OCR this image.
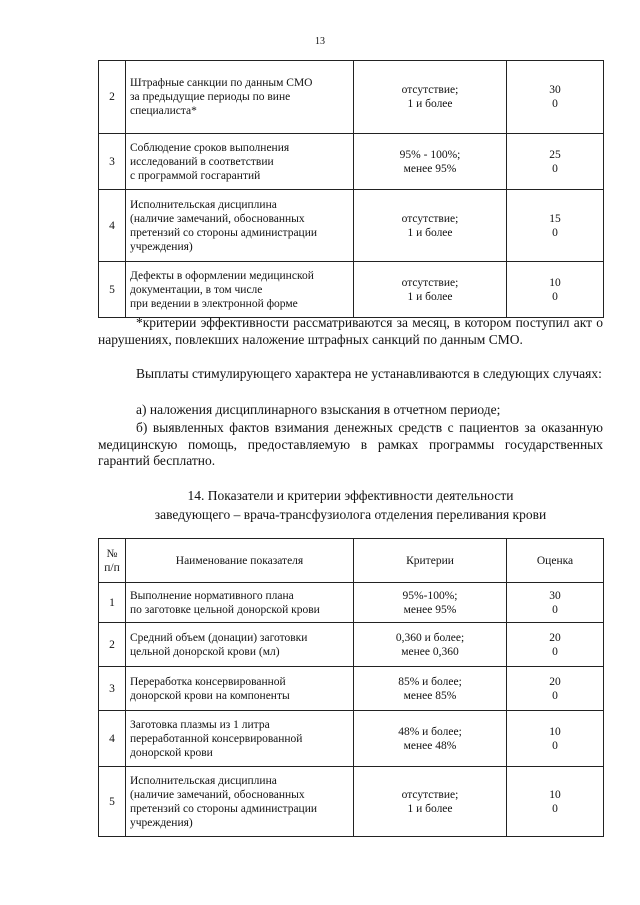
13
2	Штрафные санкции по данным СМО
за предыдущие периоды по вине
специалиста*	отсутствие;
1 и более	30
0

3	Соблюдение сроков выполнения
исследований в соответствии
с программой госгарантий	95% - 100%;
менее 95%	25
0

4	Исполнительская дисциплина
(наличие замечаний, обоснованных
претензий со стороны администрации
учреждения)	отсутствие;
1 и более	15
0

5	Дефекты в оформлении медицинской
документации, в том числе
при ведении в электронной форме	отсутствие;
1 и более	10
0

*критерии эффективности рассматриваются за месяц, в котором поступил акт о нарушениях, повлекших наложение штрафных санкций по данным СМО.

Выплаты стимулирующего характера не устанавливаются в следующих случаях:

а) наложения дисциплинарного взыскания в отчетном периоде;

б) выявленных фактов взимания денежных средств с пациентов за оказанную медицинскую помощь, предоставляемую в рамках программы государственных гарантий бесплатно.

14. Показатели и критерии эффективности деятельности
заведующего – врача-трансфузиолога отделения переливания крови
№
п/п	Наименование показателя	Критерии	Оценка
1	Выполнение нормативного плана
по заготовке цельной донорской крови	95%-100%;
менее 95%	30
0

2	Средний объем (донации) заготовки
цельной донорской крови (мл)	0,360 и более;
менее 0,360	20
0

3	Переработка консервированной
донорской крови на компоненты	85% и более;
менее 85%	20
0

4	Заготовка плазмы из 1 литра
переработанной консервированной
донорской крови	48% и более;
менее 48%	10
0

5	Исполнительская дисциплина
(наличие замечаний, обоснованных
претензий со стороны администрации
учреждения)	отсутствие;
1 и более	10
0
